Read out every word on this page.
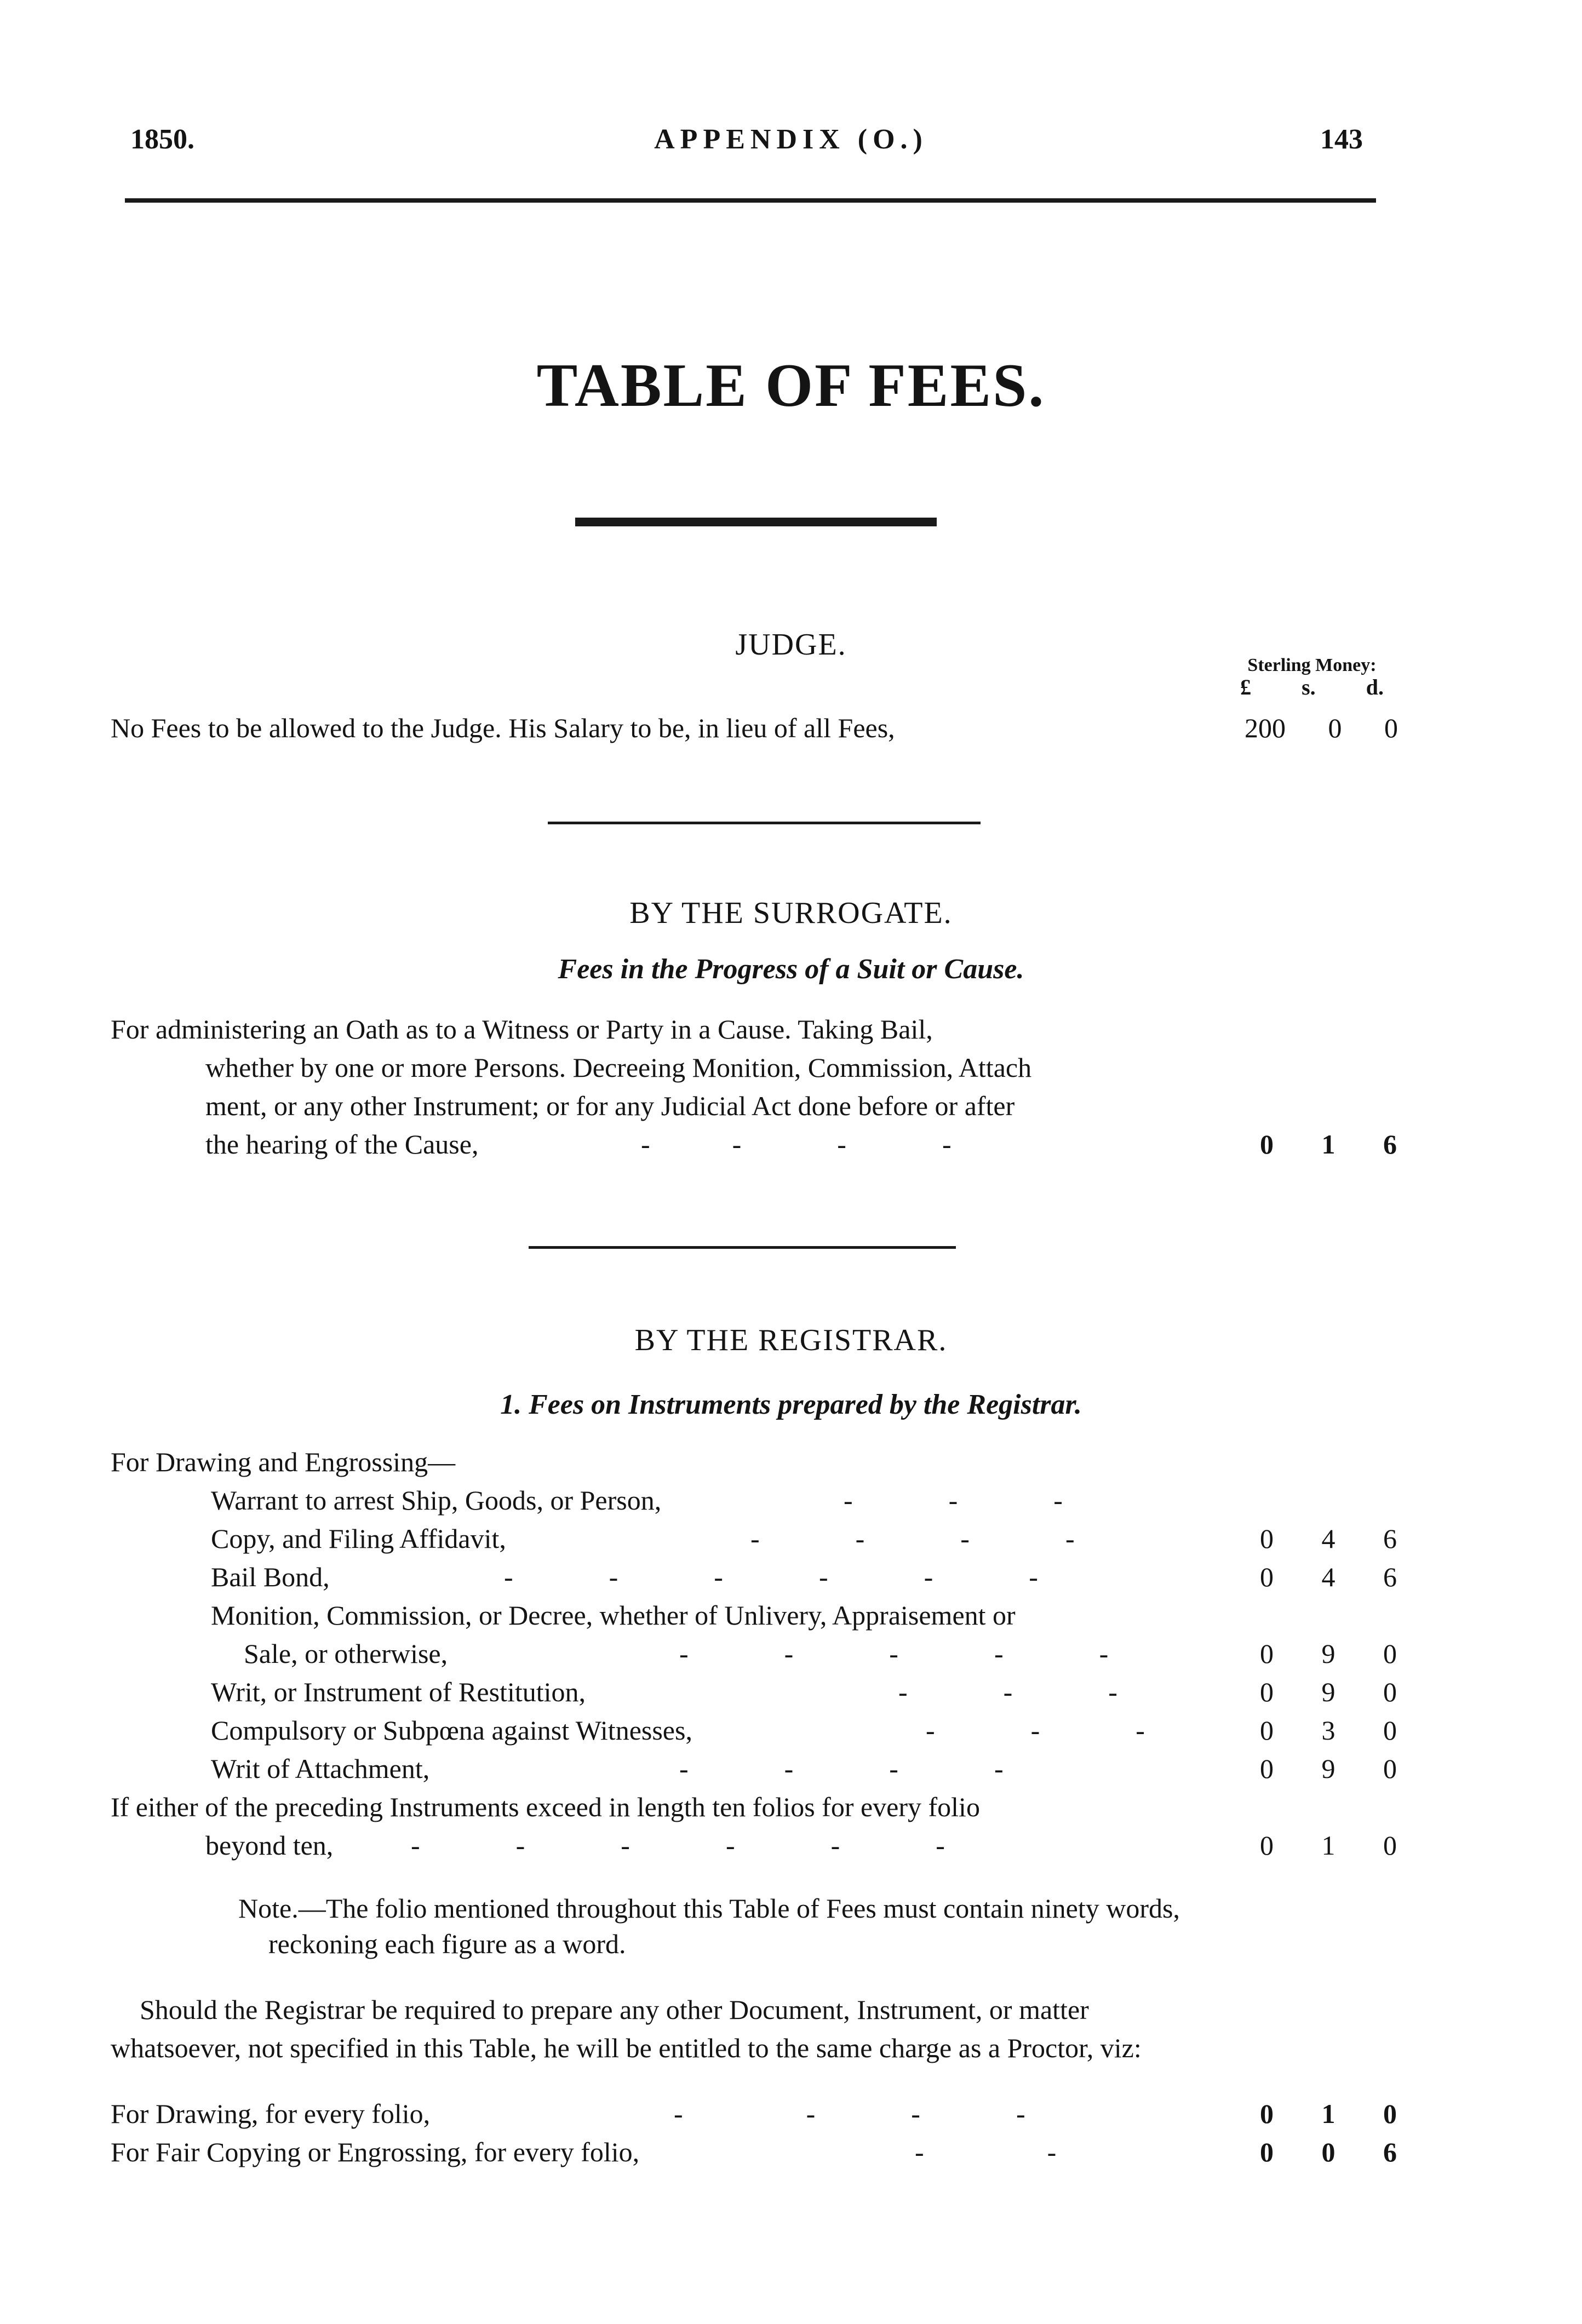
1850.	APPENDIX (O.)	143
TABLE OF FEES.
JUDGE.
Sterling Money:
£ s. d.
No Fees to be allowed to the Judge. His Salary to be, in lieu of all Fees,	200 0 0
BY THE SURROGATE.
Fees in the Progress of a Suit or Cause.
For administering an Oath as to a Witness or Party in a Cause. Taking Bail,
whether by one or more Persons. Decreeing Monition, Commission, Attach
ment, or any other Instrument; or for any Judicial Act done before or after
the hearing of the Cause,	0 1 6
BY THE REGISTRAR.
1. Fees on Instruments prepared by the Registrar.
For Drawing and Engrossing—
Warrant to arrest Ship, Goods, or Person,
Copy, and Filing Affidavit,	0 4 6
Bail Bond,	0 4 6
Monition, Commission, or Decree, whether of Unlivery, Appraisement or
Sale, or otherwise,	0 9 0
Writ, or Instrument of Restitution,	0 9 0
Compulsory or Subpœna against Witnesses,	0 3 0
Writ of Attachment,	0 9 0
If either of the preceding Instruments exceed in length ten folios for every folio
beyond ten,	0 1 0
Note.—The folio mentioned throughout this Table of Fees must contain ninety words,
reckoning each figure as a word.
Should the Registrar be required to prepare any other Document, Instrument, or matter
whatsoever, not specified in this Table, he will be entitled to the same charge as a Proctor, viz:
For Drawing, for every folio,	0 1 0
For Fair Copying or Engrossing, for every folio,	0 0 6
-            -              -              -
-              -              -
-              -              -              -
-              -              -              -              -              -
-              -              -              -              -
-              -              -
-              -              -
-              -              -              -
-              -              -              -              -              -
-                  -              -              -
-                  -
